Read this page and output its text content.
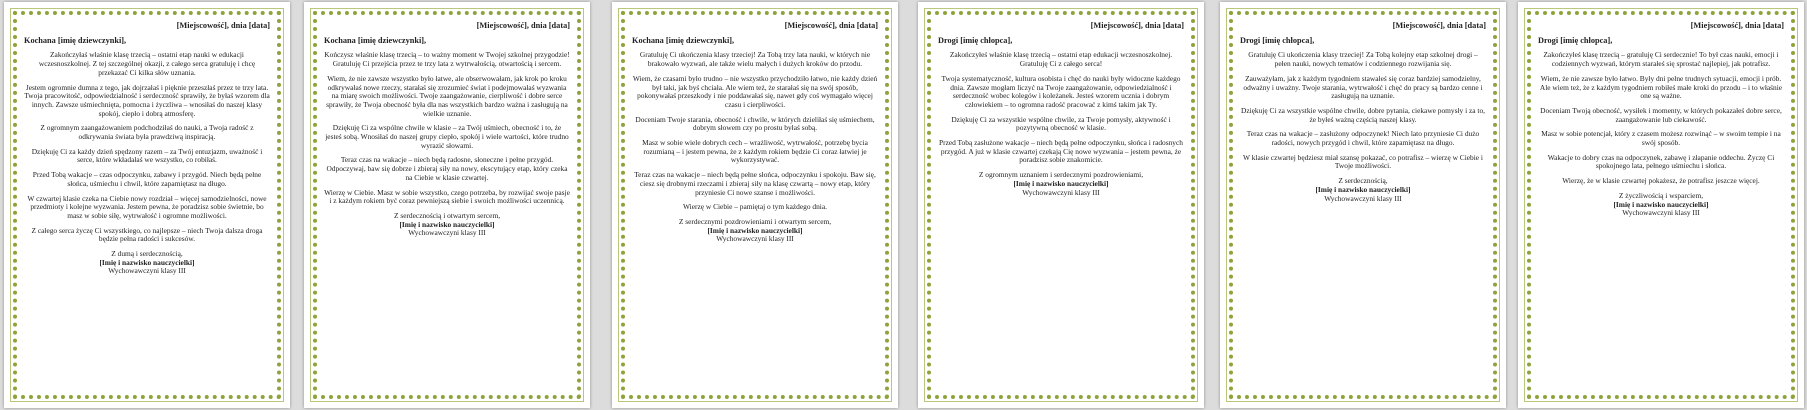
[Miejscowość], dnia [data]

Kochana [imię dziewczynki],

Zakończyłaś właśnie klasę trzecią – ostatni etap nauki w edukacji wczesnoszkolnej. Z tej szczególnej okazji, z całego serca gratuluję i chcę przekazać Ci kilka słów uznania.

Jestem ogromnie dumna z tego, jak dojrzałaś i pięknie przeszłaś przez te trzy lata. Twoja pracowitość, odpowiedzialność i serdeczność sprawiły, że byłaś wzorem dla innych. Zawsze uśmiechnięta, pomocna i życzliwa – wnosiłaś do naszej klasy spokój, ciepło i dobrą atmosferę.

Z ogromnym zaangażowaniem podchodziłaś do nauki, a Twoja radość z odkrywania świata była prawdziwą inspiracją.

Dziękuję Ci za każdy dzień spędzony razem – za Twój entuzjazm, uważność i serce, które wkładałaś we wszystko, co robiłaś.

Przed Tobą wakacje – czas odpoczynku, zabawy i przygód. Niech będą pełne słońca, uśmiechu i chwil, które zapamiętasz na długo.

W czwartej klasie czeka na Ciebie nowy rozdział – więcej samodzielności, nowe przedmioty i kolejne wyzwania. Jestem pewna, że poradzisz sobie świetnie, bo masz w sobie siłę, wytrwałość i ogromne możliwości.

Z całego serca życzę Ci wszystkiego, co najlepsze – niech Twoja dalsza droga będzie pełna radości i sukcesów.

Z dumą i serdecznością,

[Imię i nazwisko nauczycielki]

Wychowawczyni klasy III

[Miejscowość], dnia [data]

Kochana [imię dziewczynki],

Kończysz właśnie klasę trzecią – to ważny moment w Twojej szkolnej przygodzie! Gratuluję Ci przejścia przez te trzy lata z wytrwałością, otwartością i sercem.

Wiem, że nie zawsze wszystko było łatwe, ale obserwowałam, jak krok po kroku odkrywałaś nowe rzeczy, starałaś się zrozumieć świat i podejmowałaś wyzwania na miarę swoich możliwości. Twoje zaangażowanie, cierpliwość i dobre serce sprawiły, że Twoja obecność była dla nas wszystkich bardzo ważna i zasługują na wielkie uznanie.

Dziękuję Ci za wspólne chwile w klasie – za Twój uśmiech, obecność i to, że jesteś sobą. Wnosiłaś do naszej grupy ciepło, spokój i wiele wartości, które trudno wyrazić słowami.

Teraz czas na wakacje – niech będą radosne, słoneczne i pełne przygód. Odpoczywaj, baw się dobrze i zbieraj siły na nowy, ekscytujący etap, który czeka na Ciebie w klasie czwartej.

Wierzę w Ciebie. Masz w sobie wszystko, czego potrzeba, by rozwijać swoje pasje i z każdym rokiem być coraz pewniejszą siebie i swoich możliwości uczennicą.

Z serdecznością i otwartym sercem,

[Imię i nazwisko nauczycielki]

Wychowawczyni klasy III

[Miejscowość], dnia [data]

Kochana [imię dziewczynki],

Gratuluję Ci ukończenia klasy trzeciej! Za Tobą trzy lata nauki, w których nie brakowało wyzwań, ale także wielu małych i dużych kroków do przodu.

Wiem, że czasami było trudno – nie wszystko przychodziło łatwo, nie każdy dzień był taki, jak byś chciała. Ale wiem też, że starałaś się na swój sposób, pokonywałaś przeszkody i nie poddawałaś się, nawet gdy coś wymagało więcej czasu i cierpliwości.

Doceniam Twoje starania, obecność i chwile, w których dzieliłaś się uśmiechem, dobrym słowem czy po prostu byłaś sobą.

Masz w sobie wiele dobrych cech – wrażliwość, wytrwałość, potrzebę bycia rozumianą – i jestem pewna, że z każdym rokiem będzie Ci coraz łatwiej je wykorzystywać.

Teraz czas na wakacje – niech będą pełne słońca, odpoczynku i spokoju. Baw się, ciesz się drobnymi rzeczami i zbieraj siły na klasę czwartą – nowy etap, który przyniesie Ci nowe szanse i możliwości.

Wierzę w Ciebie – pamiętaj o tym każdego dnia.

Z serdecznymi pozdrowieniami i otwartym sercem,

[Imię i nazwisko nauczycielki]

Wychowawczyni klasy III

[Miejscowość], dnia [data]

Drogi [imię chłopca],

Zakończyłeś właśnie klasę trzecią – ostatni etap edukacji wczesnoszkolnej. Gratuluję Ci z całego serca!

Twoja systematyczność, kultura osobista i chęć do nauki były widoczne każdego dnia. Zawsze mogłam liczyć na Twoje zaangażowanie, odpowiedzialność i serdeczność wobec kolegów i koleżanek. Jesteś wzorem ucznia i dobrym człowiekiem – to ogromna radość pracować z kimś takim jak Ty.

Dziękuję Ci za wszystkie wspólne chwile, za Twoje pomysły, aktywność i pozytywną obecność w klasie.

Przed Tobą zasłużone wakacje – niech będą pełne odpoczynku, słońca i radosnych przygód. A już w klasie czwartej czekają Cię nowe wyzwania – jestem pewna, że poradzisz sobie znakomicie.

Z ogromnym uznaniem i serdecznymi pozdrowieniami,

[Imię i nazwisko nauczycielki]

Wychowawczyni klasy III

[Miejscowość], dnia [data]

Drogi [imię chłopca],

Gratuluję Ci ukończenia klasy trzeciej! Za Tobą kolejny etap szkolnej drogi – pełen nauki, nowych tematów i codziennego rozwijania się.

Zauważyłam, jak z każdym tygodniem stawałeś się coraz bardziej samodzielny, odważny i uważny. Twoje starania, wytrwałość i chęć do pracy są bardzo cenne i zasługują na uznanie.

Dziękuję Ci za wszystkie wspólne chwile, dobre pytania, ciekawe pomysły i za to, że byłeś ważną częścią naszej klasy.

Teraz czas na wakacje – zasłużony odpoczynek! Niech lato przyniesie Ci dużo radości, nowych przygód i chwil, które zapamiętasz na długo.

W klasie czwartej będziesz miał szansę pokazać, co potrafisz – wierzę w Ciebie i Twoje możliwości.

Z serdecznością,

[Imię i nazwisko nauczycielki]

Wychowawczyni klasy III

[Miejscowość], dnia [data]

Drogi [imię chłopca],

Zakończyłeś klasę trzecią – gratuluję Ci serdecznie! To był czas nauki, emocji i codziennych wyzwań, którym starałeś się sprostać najlepiej, jak potrafisz.

Wiem, że nie zawsze było łatwo. Były dni pełne trudnych sytuacji, emocji i prób. Ale wiem też, że z każdym tygodniem robiłeś małe kroki do przodu – i to właśnie one są ważne.

Doceniam Twoją obecność, wysiłek i momenty, w których pokazałeś dobre serce, zaangażowanie lub ciekawość.

Masz w sobie potencjał, który z czasem możesz rozwinąć – w swoim tempie i na swój sposób.

Wakacje to dobry czas na odpoczynek, zabawę i złapanie oddechu. Życzę Ci spokojnego lata, pełnego uśmiechu i słońca.

Wierzę, że w klasie czwartej pokażesz, że potrafisz jeszcze więcej.

Z życzliwością i wsparciem,

[Imię i nazwisko nauczycielki]

Wychowawczyni klasy III
